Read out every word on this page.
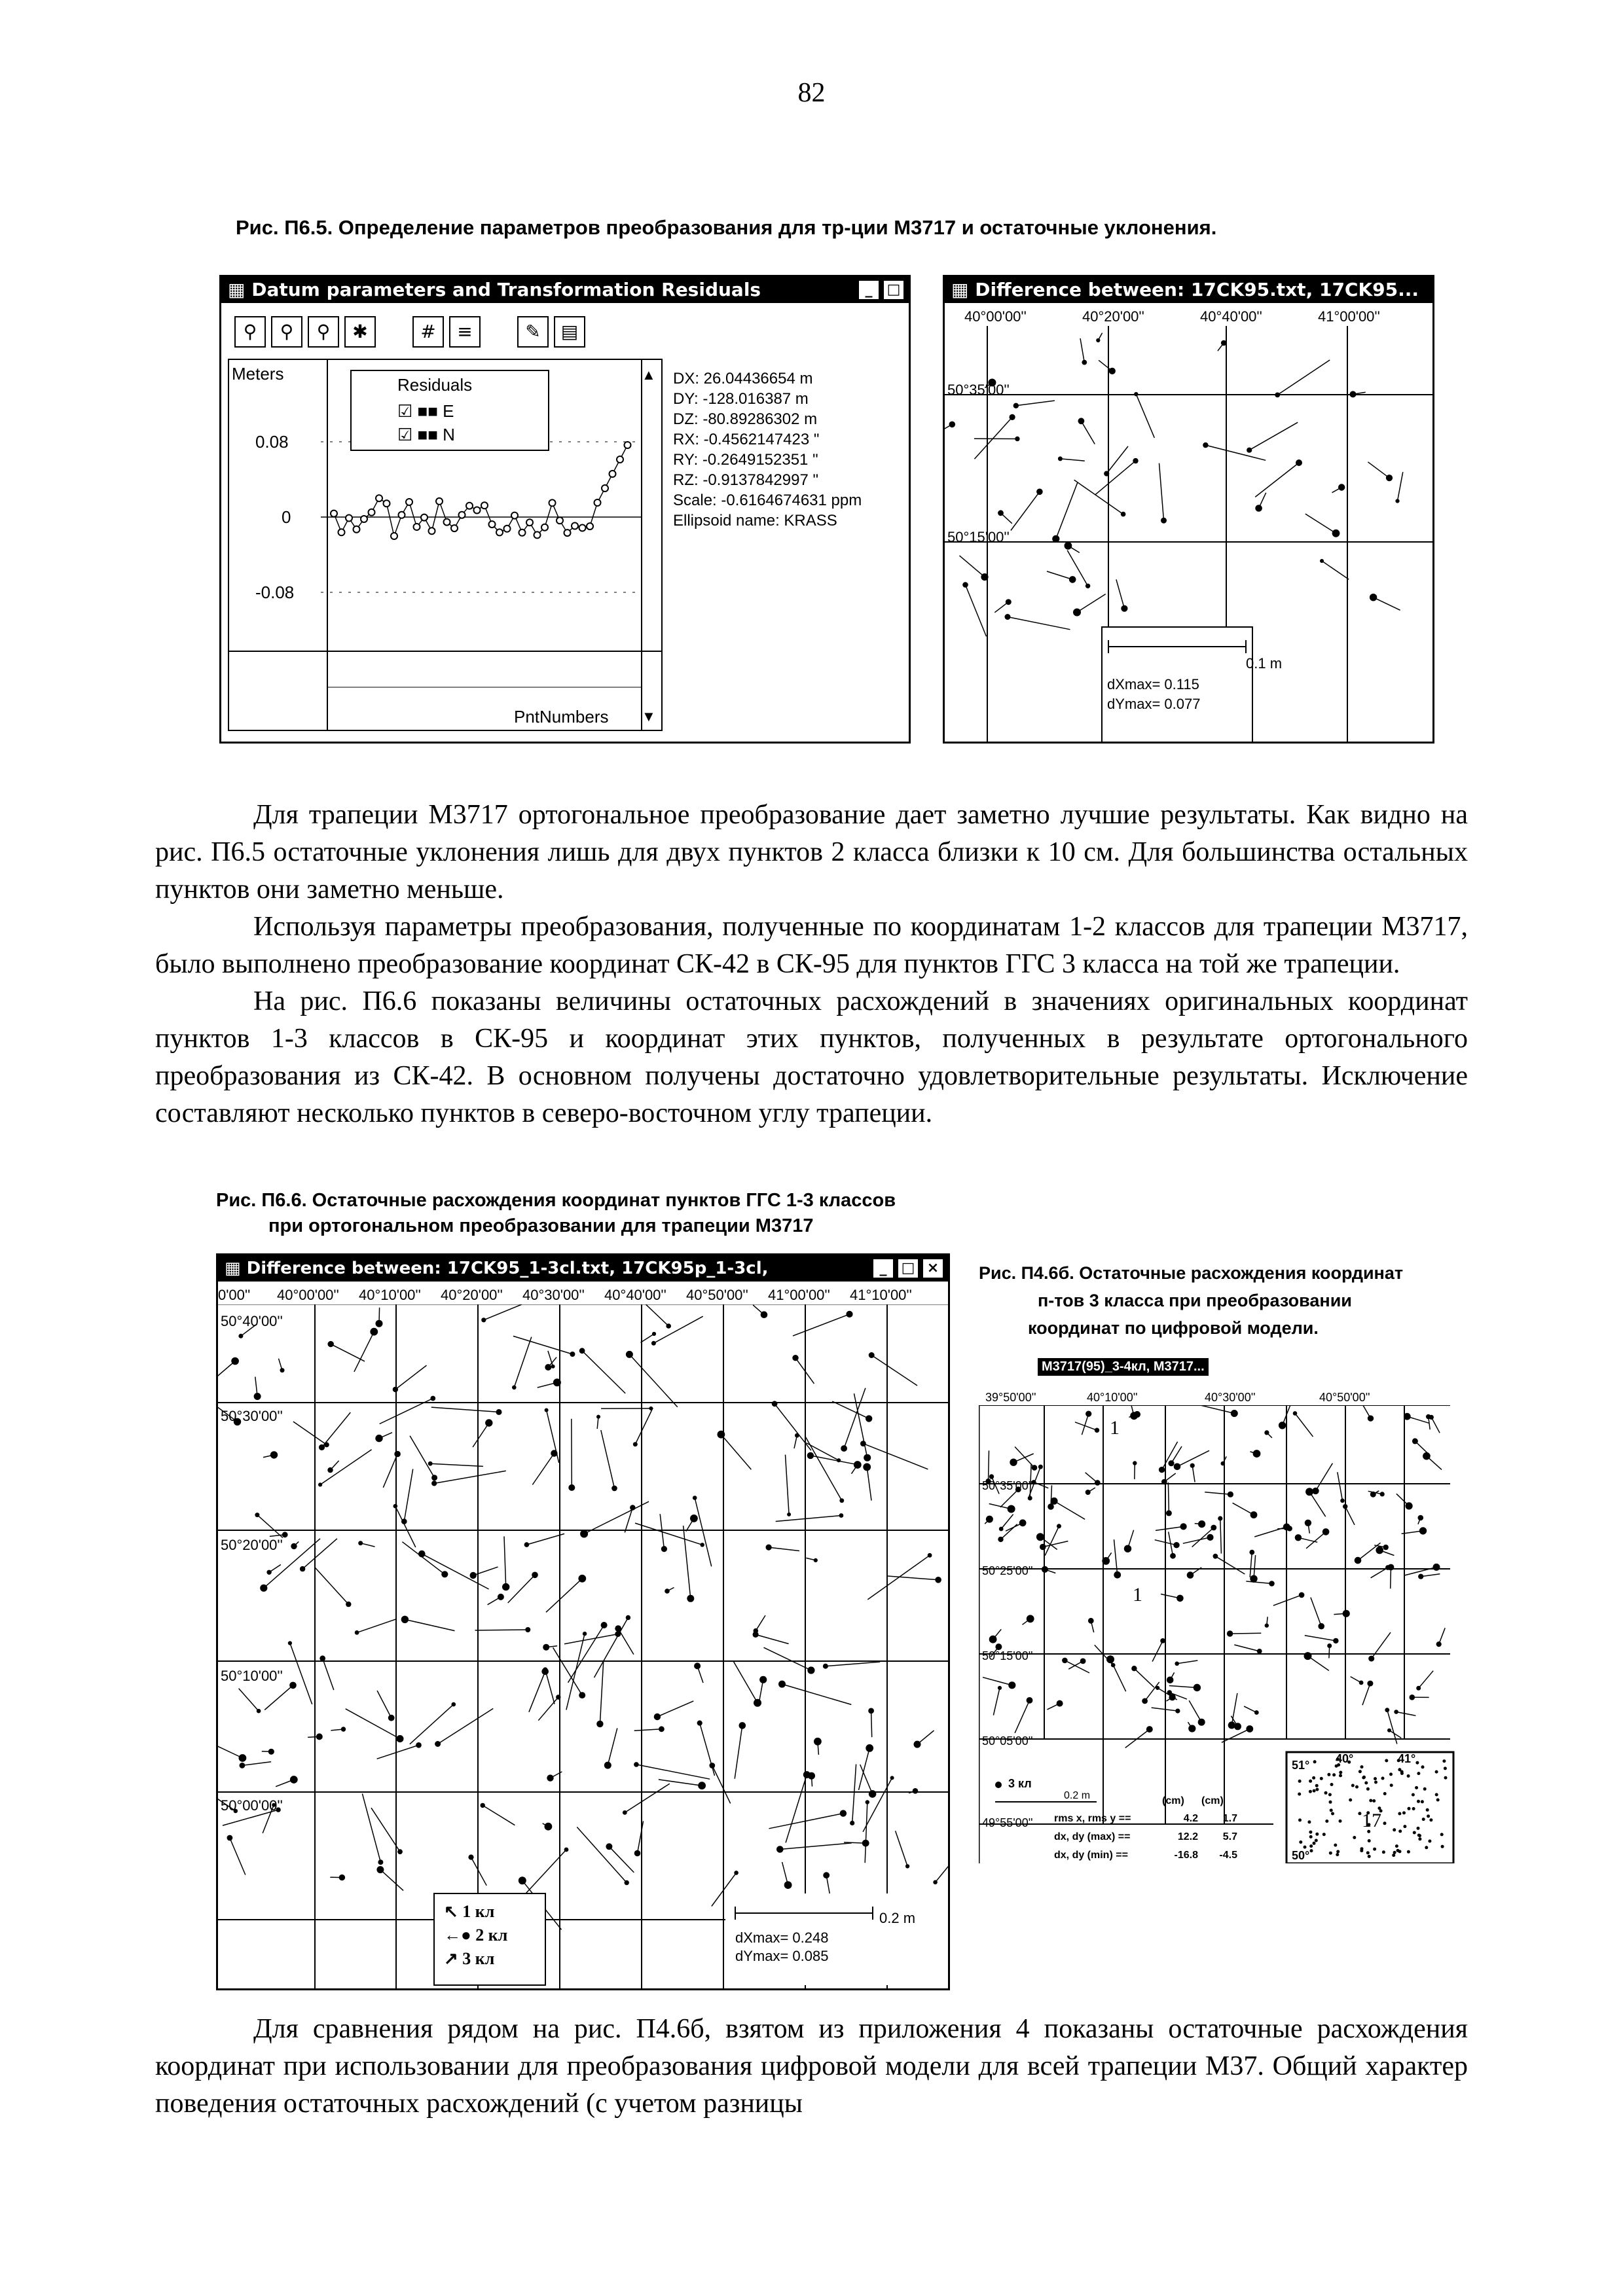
82
Рис. П6.5. Определение параметров преобразования для тр-ции M3717 и остаточные уклонения.
▦ Datum parameters and Transformation Residuals	_	□
⚲ ⚲ ⚲ ✱	# ≡	✎ ▤
▲
▼
Meters
0.08
0
-0.08
PntNumbers
Residuals
☑ ■■ E
☑ ■■ N
DX: 26.04436654 m
DY: -128.016387 m
DZ: -80.89286302 m
RX: -0.4562147423 "
RY: -0.2649152351 "
RZ: -0.9137842997 "
Scale: -0.6164674631 ppm
Ellipsoid name: KRASS
▦ Difference between: 17CK95.txt, 17CK95...
40°00'00''	40°20'00''	40°40'00''	41°00'00''
50°35'00''
50°15'00''
0.1 m
dXmax= 0.115
dYmax= 0.077

Для трапеции M3717 ортогональное преобразование дает заметно лучшие результаты. Как видно на рис. П6.5 остаточные уклонения лишь для двух пунктов 2 класса близки к 10 см. Для большинства остальных пунктов они заметно меньше.

Используя параметры преобразования, полученные по координатам 1-2 классов для трапеции M3717, было выполнено преобразование координат СК-42 в СК-95 для пунктов ГГС 3 класса на той же трапеции.

На рис. П6.6 показаны величины остаточных расхождений в значениях оригинальных координат пунктов 1-3 классов в СК-95 и координат этих пунктов, полученных в результате ортогонального преобразования из СК-42. В основном получены достаточно удовлетворительные результаты. Исключение составляют несколько пунктов в северо-восточном углу трапеции.

Рис. П6.6. Остаточные расхождения координат пунктов ГГС 1-3 классов
при ортогональном преобразовании для трапеции M3717
▦ Difference between: 17CK95_1-3cl.txt, 17CK95p_1-3cl,	_	□ ×
0'00'' 40°00'00'' 40°10'00'' 40°20'00'' 40°30'00'' 40°40'00'' 40°50'00'' 41°00'00'' 41°10'00''
50°40'00''
50°30'00''
50°20'00''
50°10'00''
50°00'00''
↖ 1 кл
←● 2 кл
↗ 3 кл
0.2 m
dXmax= 0.248
dYmax= 0.085
Рис. П4.6б. Остаточные расхождения координат
п-тов 3 класса при преобразовании
координат по цифровой модели.
M3717(95)_3-4кл, M3717...
39°50'00''	40°10'00''	40°30'00''	40°50'00''
50°35'00''
50°25'00''
50°15'00''
50°05'00''
49°55'00''
1
1
3 кл
0.2 m	(cm) (cm)
rms x, rms y ==	4.2 1.7
dx, dy (max) ==	12.2 5.7
dx, dy (min) ==	-16.8 -4.5
51° 40°	41°
50°
17

Для сравнения рядом на рис. П4.6б, взятом из приложения 4 показаны остаточные расхождения координат при использовании для преобразования цифровой модели для всей трапеции M37. Общий характер поведения остаточных расхождений (с учетом разницы
